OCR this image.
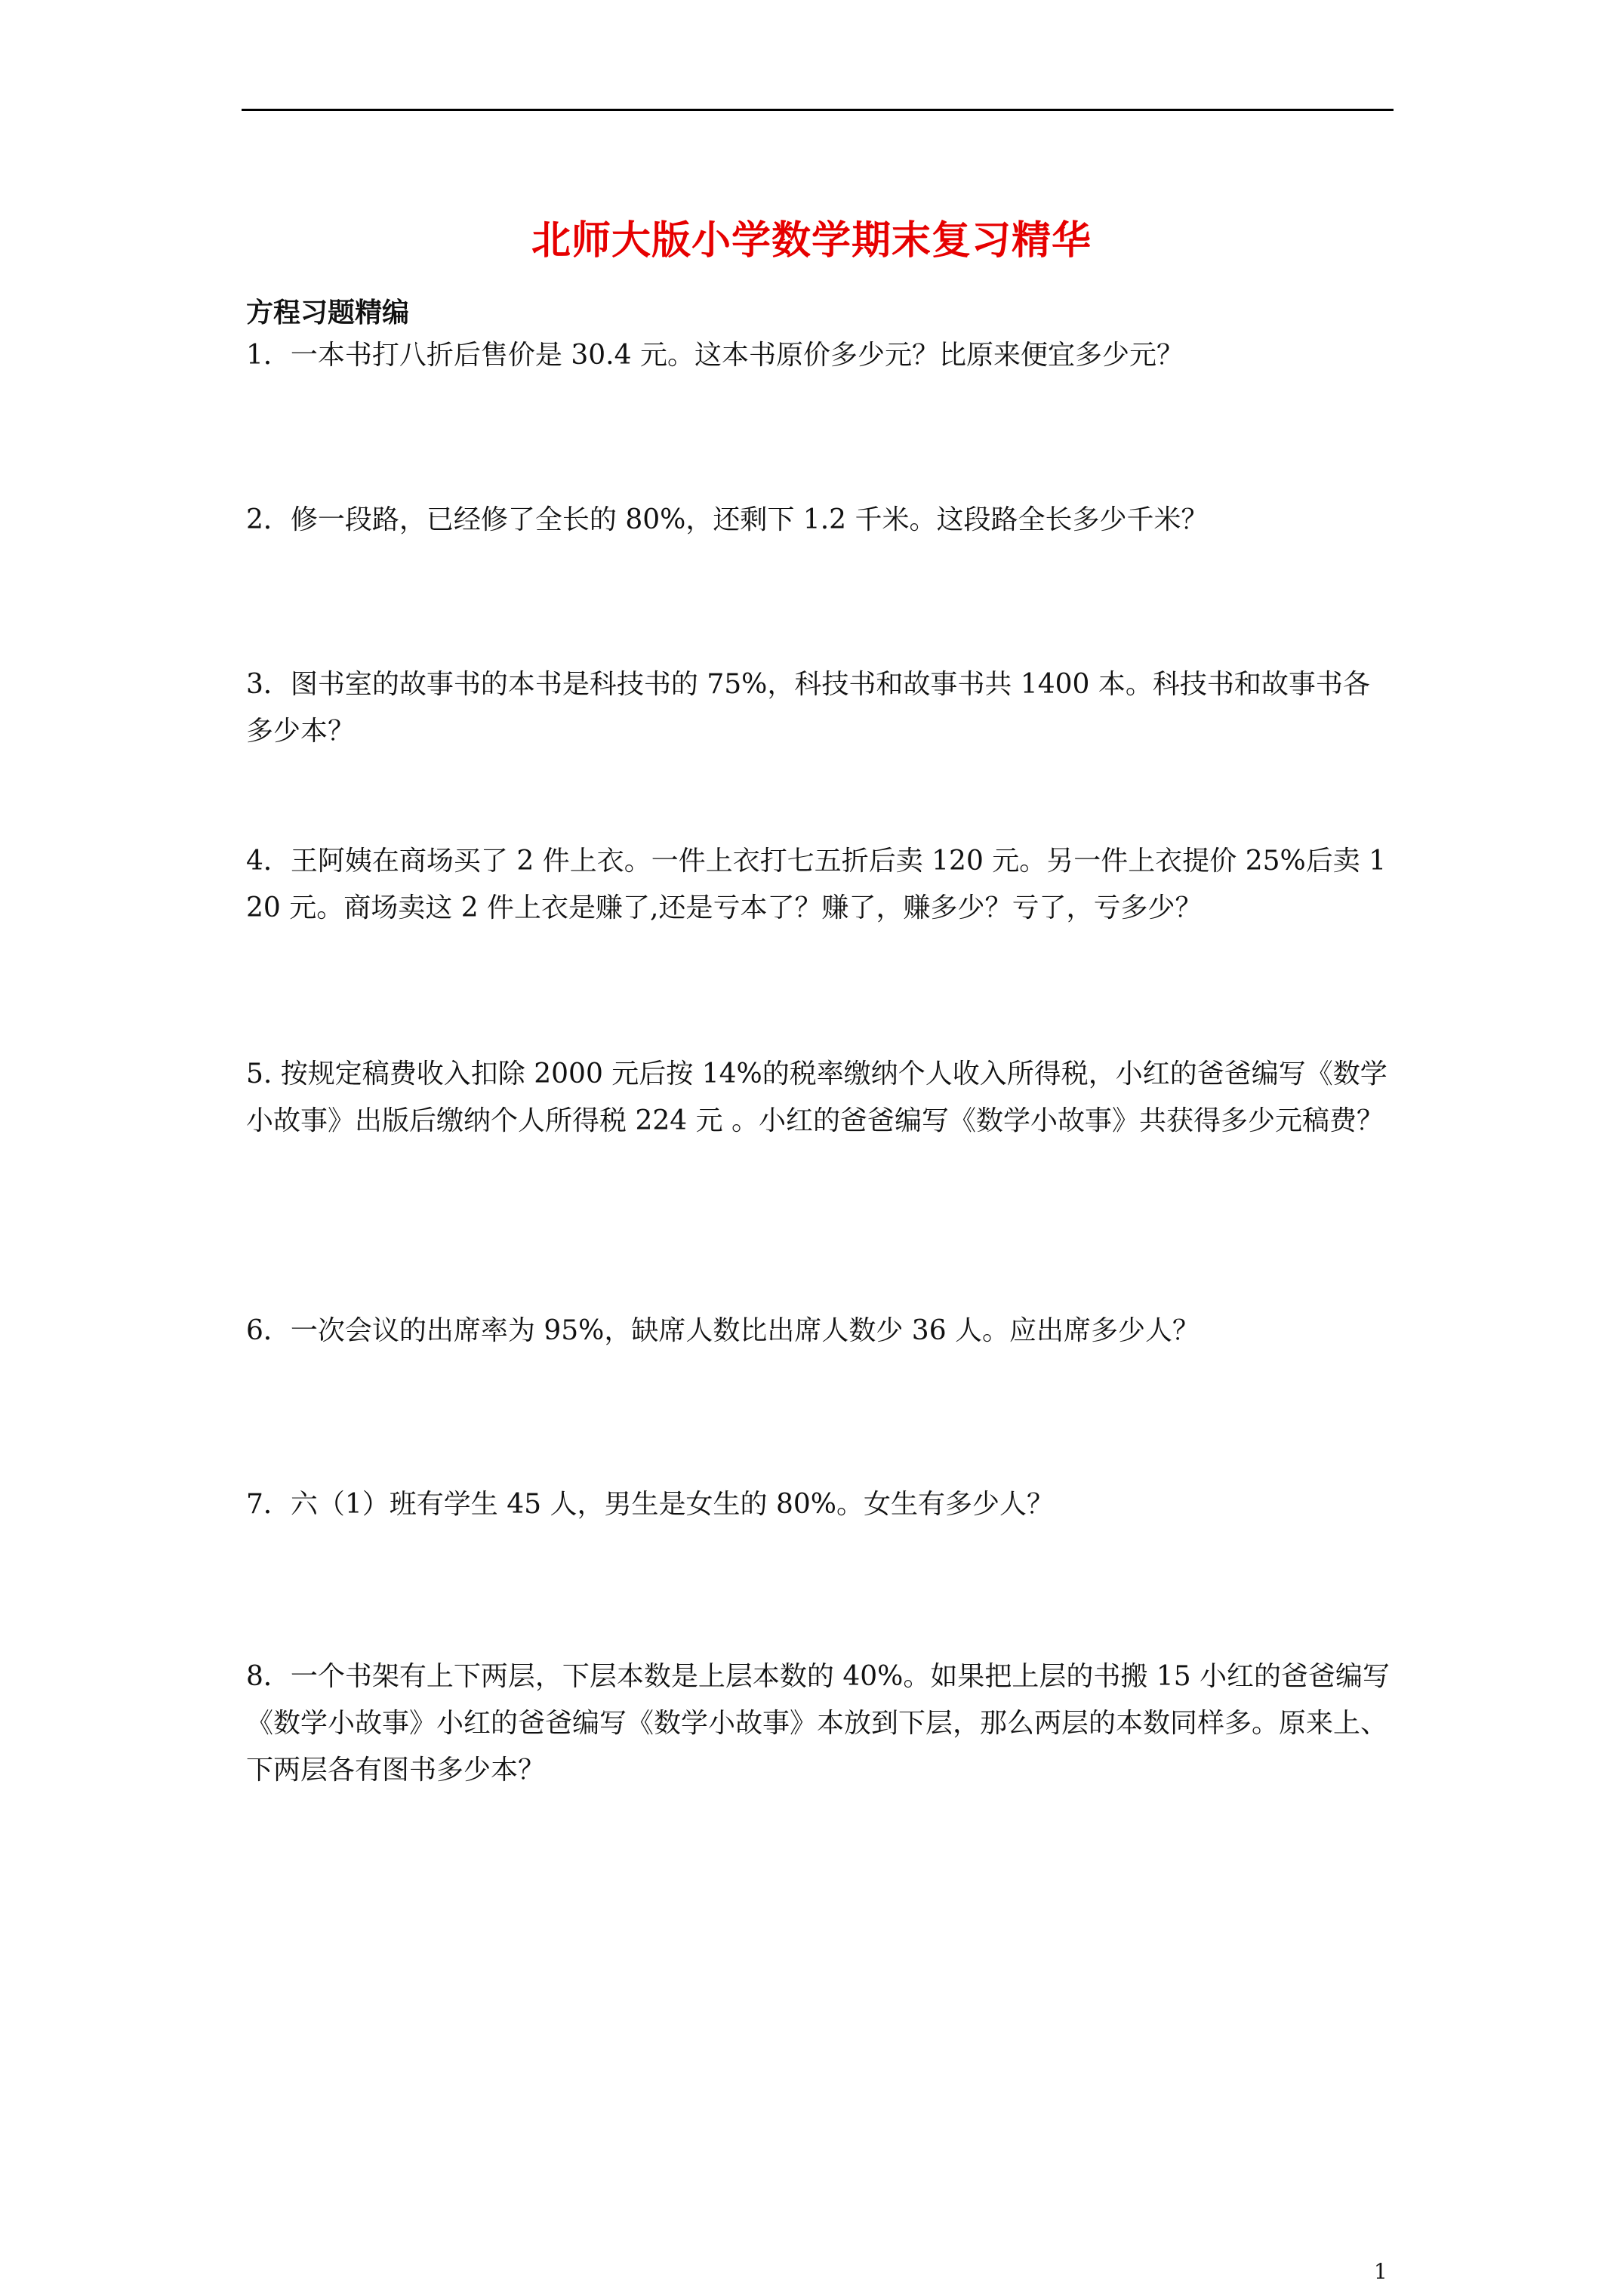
北师大版小学数学期末复习精华
方程习题精编
1．一本书打八折后售价是 30.4 元。这本书原价多少元？比原来便宜多少元？
2．修一段路，已经修了全长的 80%，还剩下 1.2 千米。这段路全长多少千米？
3．图书室的故事书的本书是科技书的 75%，科技书和故事书共 1400 本。科技书和故事书各多少本？
4．王阿姨在商场买了 2 件上衣。一件上衣打七五折后卖 120 元。另一件上衣提价 25%后卖 120 元。商场卖这 2 件上衣是赚了,还是亏本了？赚了，赚多少？亏了，亏多少？
5. 按规定稿费收入扣除 2000 元后按 14%的税率缴纳个人收入所得税，小红的爸爸编写《数学小故事》出版后缴纳个人所得税 224 元 。小红的爸爸编写《数学小故事》共获得多少元稿费？
6．一次会议的出席率为 95%，缺席人数比出席人数少 36 人。应出席多少人？
7．六（1）班有学生 45 人，男生是女生的 80%。女生有多少人？
8．一个书架有上下两层，下层本数是上层本数的 40%。如果把上层的书搬 15 小红的爸爸编写《数学小故事》小红的爸爸编写《数学小故事》本放到下层，那么两层的本数同样多。原来上、下两层各有图书多少本？
1
